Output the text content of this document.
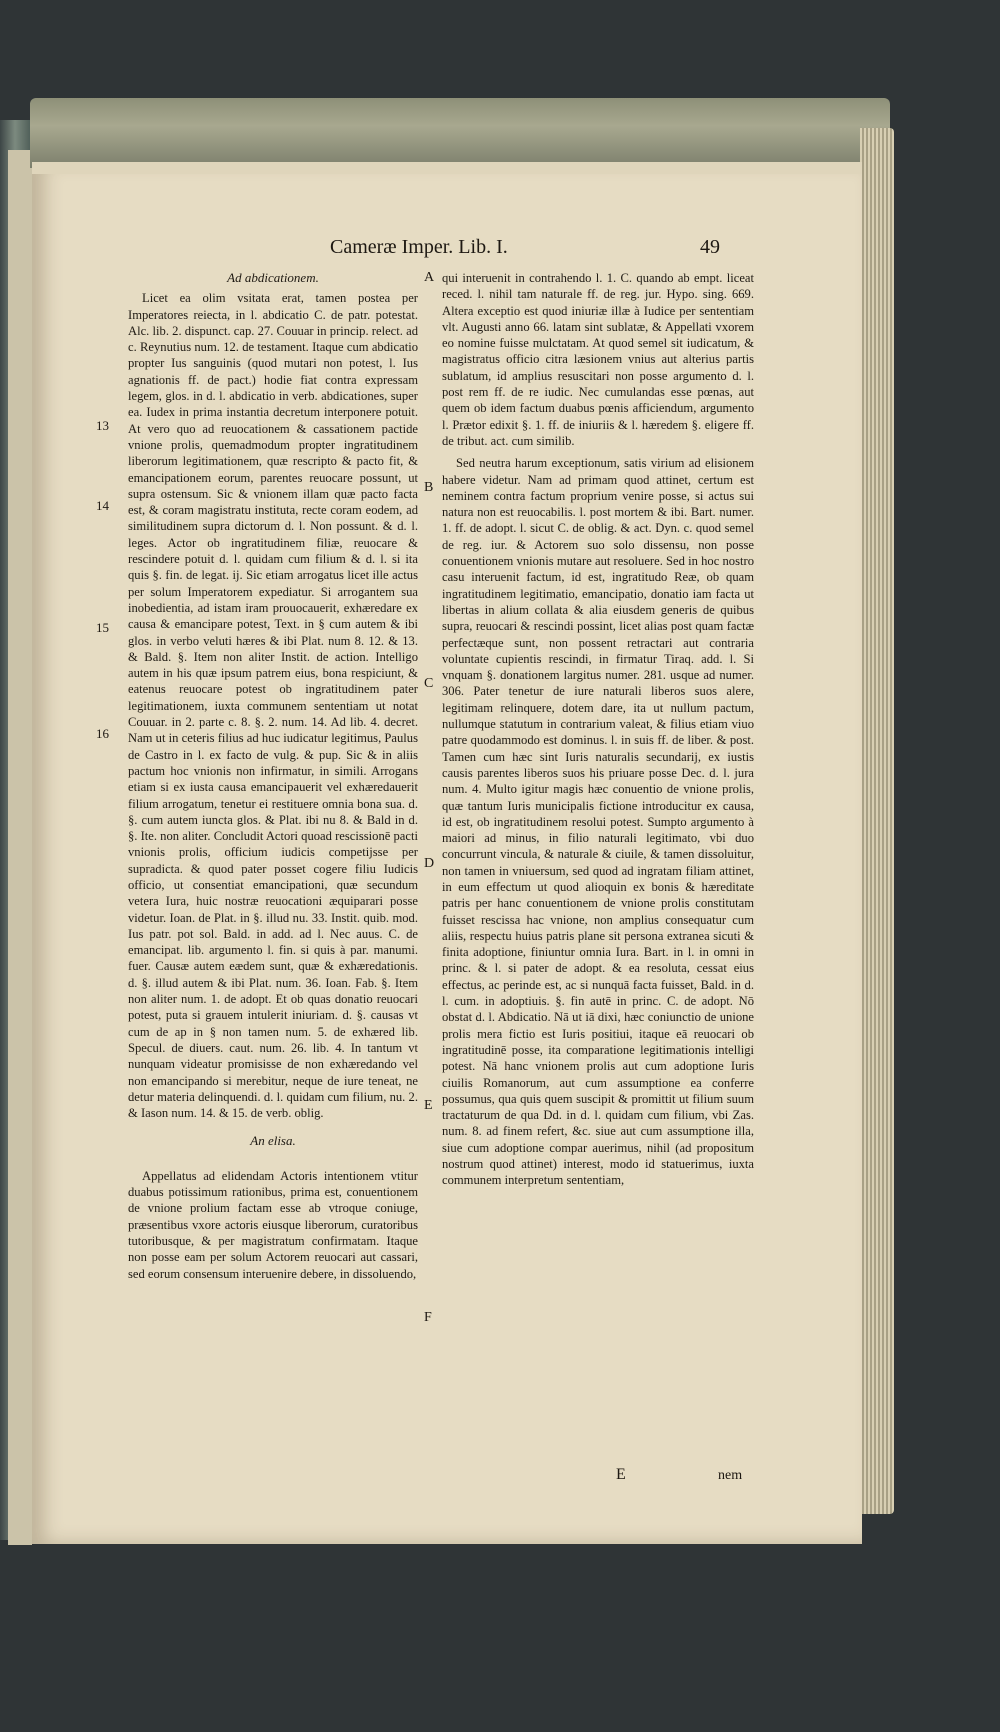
Cameræ Imper. Lib. I.	49
Ad abdicationem.

Licet ea olim vsitata erat, tamen postea per Imperatores reiecta, in l. abdicatio C. de patr. potestat. Alc. lib. 2. dispunct. cap. 27. Couuar in princip. relect. ad c. Reynutius num. 12. de testament. Itaque cum abdicatio propter Ius sanguinis (quod mutari non potest, l. Ius agnationis ff. de pact.) hodie fiat contra expressam legem, glos. in d. l. abdicatio in verb. abdicationes, super ea. Iudex in prima instantia decretum interponere potuit. At vero quo ad reuocationem & cassationem pactide vnione prolis, quemadmodum propter ingratitudinem liberorum legitimationem, quæ rescripto & pacto fit, & emancipationem eorum, parentes reuocare possunt, ut supra ostensum. Sic & vnionem illam quæ pacto facta est, & coram magistratu instituta, recte coram eodem, ad similitudinem supra dictorum d. l. Non possunt. & d. l. leges. Actor ob ingratitudinem filiæ, reuocare & rescindere potuit d. l. quidam cum filium & d. l. si ita quis §. fin. de legat. ij. Sic etiam arrogatus licet ille actus per solum Imperatorem expediatur. Si arrogantem sua inobedientia, ad istam iram prouocauerit, exhæredare ex causa & emancipare potest, Text. in § cum autem & ibi glos. in verbo veluti hæres & ibi Plat. num 8. 12. & 13. & Bald. §. Item non aliter Instit. de action. Intelligo autem in his quæ ipsum patrem eius, bona respiciunt, & eatenus reuocare potest ob ingratitudinem pater legitimationem, iuxta communem sententiam ut notat Couuar. in 2. parte c. 8. §. 2. num. 14. Ad lib. 4. decret. Nam ut in ceteris filius ad huc iudicatur legitimus, Paulus de Castro in l. ex facto de vulg. & pup. Sic & in aliis pactum hoc vnionis non infirmatur, in simili. Arrogans etiam si ex iusta causa emancipauerit vel exhæredauerit filium arrogatum, tenetur ei restituere omnia bona sua. d. §. cum autem iuncta glos. & Plat. ibi nu 8. & Bald in d. §. Ite. non aliter. Concludit Actori quoad rescissionē pacti vnionis prolis, officium iudicis competijsse per supradicta. & quod pater posset cogere filiu Iudicis officio, ut consentiat emancipationi, quæ secundum vetera Iura, huic nostræ reuocationi æquiparari posse videtur. Ioan. de Plat. in §. illud nu. 33. Instit. quib. mod. Ius patr. pot sol. Bald. in add. ad l. Nec auus. C. de emancipat. lib. argumento l. fin. si quis à par. manumi. fuer. Causæ autem eædem sunt, quæ & exhæredationis. d. §. illud autem & ibi Plat. num. 36. Ioan. Fab. §. Item non aliter num. 1. de adopt. Et ob quas donatio reuocari potest, puta si grauem intulerit iniuriam. d. §. causas vt cum de ap in § non tamen num. 5. de exhæred lib. Specul. de diuers. caut. num. 26. lib. 4. In tantum vt nunquam videatur promisisse de non exhæredando vel non emancipando si merebitur, neque de iure teneat, ne detur materia delinquendi. d. l. quidam cum filium, nu. 2. & Iason num. 14. & 15. de verb. oblig.

An elisa.

Appellatus ad elidendam Actoris intentionem vtitur duabus potissimum rationibus, prima est, conuentionem de vnione prolium factam esse ab vtroque coniuge, præsentibus vxore actoris eiusque liberorum, curatoribus tutoribusque, & per magistratum confirmatam. Itaque non posse eam per solum Actorem reuocari aut cassari, sed eorum consensum interuenire debere, in dissoluendo,

qui interuenit in contrahendo l. 1. C. quando ab empt. liceat reced. l. nihil tam naturale ff. de reg. jur. Hypo. sing. 669. Altera exceptio est quod iniuriæ illæ à Iudice per sententiam vlt. Augusti anno 66. latam sint sublatæ, & Appellati vxorem eo nomine fuisse mulctatam. At quod semel sit iudicatum, & magistratus officio citra læsionem vnius aut alterius partis sublatum, id amplius resuscitari non posse argumento d. l. post rem ff. de re iudic. Nec cumulandas esse pœnas, aut quem ob idem factum duabus pœnis afficiendum, argumento l. Prætor edixit §. 1. ff. de iniuriis & l. hæredem §. eligere ff. de tribut. act. cum similib.

Sed neutra harum exceptionum, satis virium ad elisionem habere videtur. Nam ad primam quod attinet, certum est neminem contra factum proprium venire posse, si actus sui natura non est reuocabilis. l. post mortem & ibi. Bart. numer. 1. ff. de adopt. l. sicut C. de oblig. & act. Dyn. c. quod semel de reg. iur. & Actorem suo solo dissensu, non posse conuentionem vnionis mutare aut resoluere. Sed in hoc nostro casu interuenit factum, id est, ingratitudo Reæ, ob quam ingratitudinem legitimatio, emancipatio, donatio iam facta ut libertas in alium collata & alia eiusdem generis de quibus supra, reuocari & rescindi possint, licet alias post quam factæ perfectæque sunt, non possent retractari aut contraria voluntate cupientis rescindi, in firmatur Tiraq. add. l. Si vnquam §. donationem largitus numer. 281. usque ad numer. 306. Pater tenetur de iure naturali liberos suos alere, legitimam relinquere, dotem dare, ita ut nullum pactum, nullumque statutum in contrarium valeat, & filius etiam viuo patre quodammodo est dominus. l. in suis ff. de liber. & post. Tamen cum hæc sint Iuris naturalis secundarij, ex iustis causis parentes liberos suos his priuare posse Dec. d. l. jura num. 4. Multo igitur magis hæc conuentio de vnione prolis, quæ tantum Iuris municipalis fictione introducitur ex causa, id est, ob ingratitudinem resolui potest. Sumpto argumento à maiori ad minus, in filio naturali legitimato, vbi duo concurrunt vincula, & naturale & ciuile, & tamen dissoluitur, non tamen in vniuersum, sed quod ad ingratam filiam attinet, in eum effectum ut quod alioquin ex bonis & hæreditate patris per hanc conuentionem de vnione prolis constitutam fuisset rescissa hac vnione, non amplius consequatur cum aliis, respectu huius patris plane sit persona extranea sicuti & finita adoptione, finiuntur omnia Iura. Bart. in l. in omni in princ. & l. si pater de adopt. & ea resoluta, cessat eius effectus, ac perinde est, ac si nunquā facta fuisset, Bald. in d. l. cum. in adoptiuis. §. fin autē in princ. C. de adopt. Nō obstat d. l. Abdicatio. Nā ut iā dixi, hæc coniunctio de unione prolis mera fictio est Iuris positiui, itaque eā reuocari ob ingratitudinē posse, ita comparatione legitimationis intelligi potest. Nā hanc vnionem prolis aut cum adoptione Iuris ciuilis Romanorum, aut cum assumptione ea conferre possumus, qua quis quem suscipit & promittit ut filium suum tractaturum de qua Dd. in d. l. quidam cum filium, vbi Zas. num. 8. ad finem refert, &c. siue aut cum assumptione illa, siue cum adoptione compar auerimus, nihil (ad propositum nostrum quod attinet) interest, modo id statuerimus, iuxta communem interpretum sententiam,

13
14
15
16
A
B
C
D
E
F
E	nem
